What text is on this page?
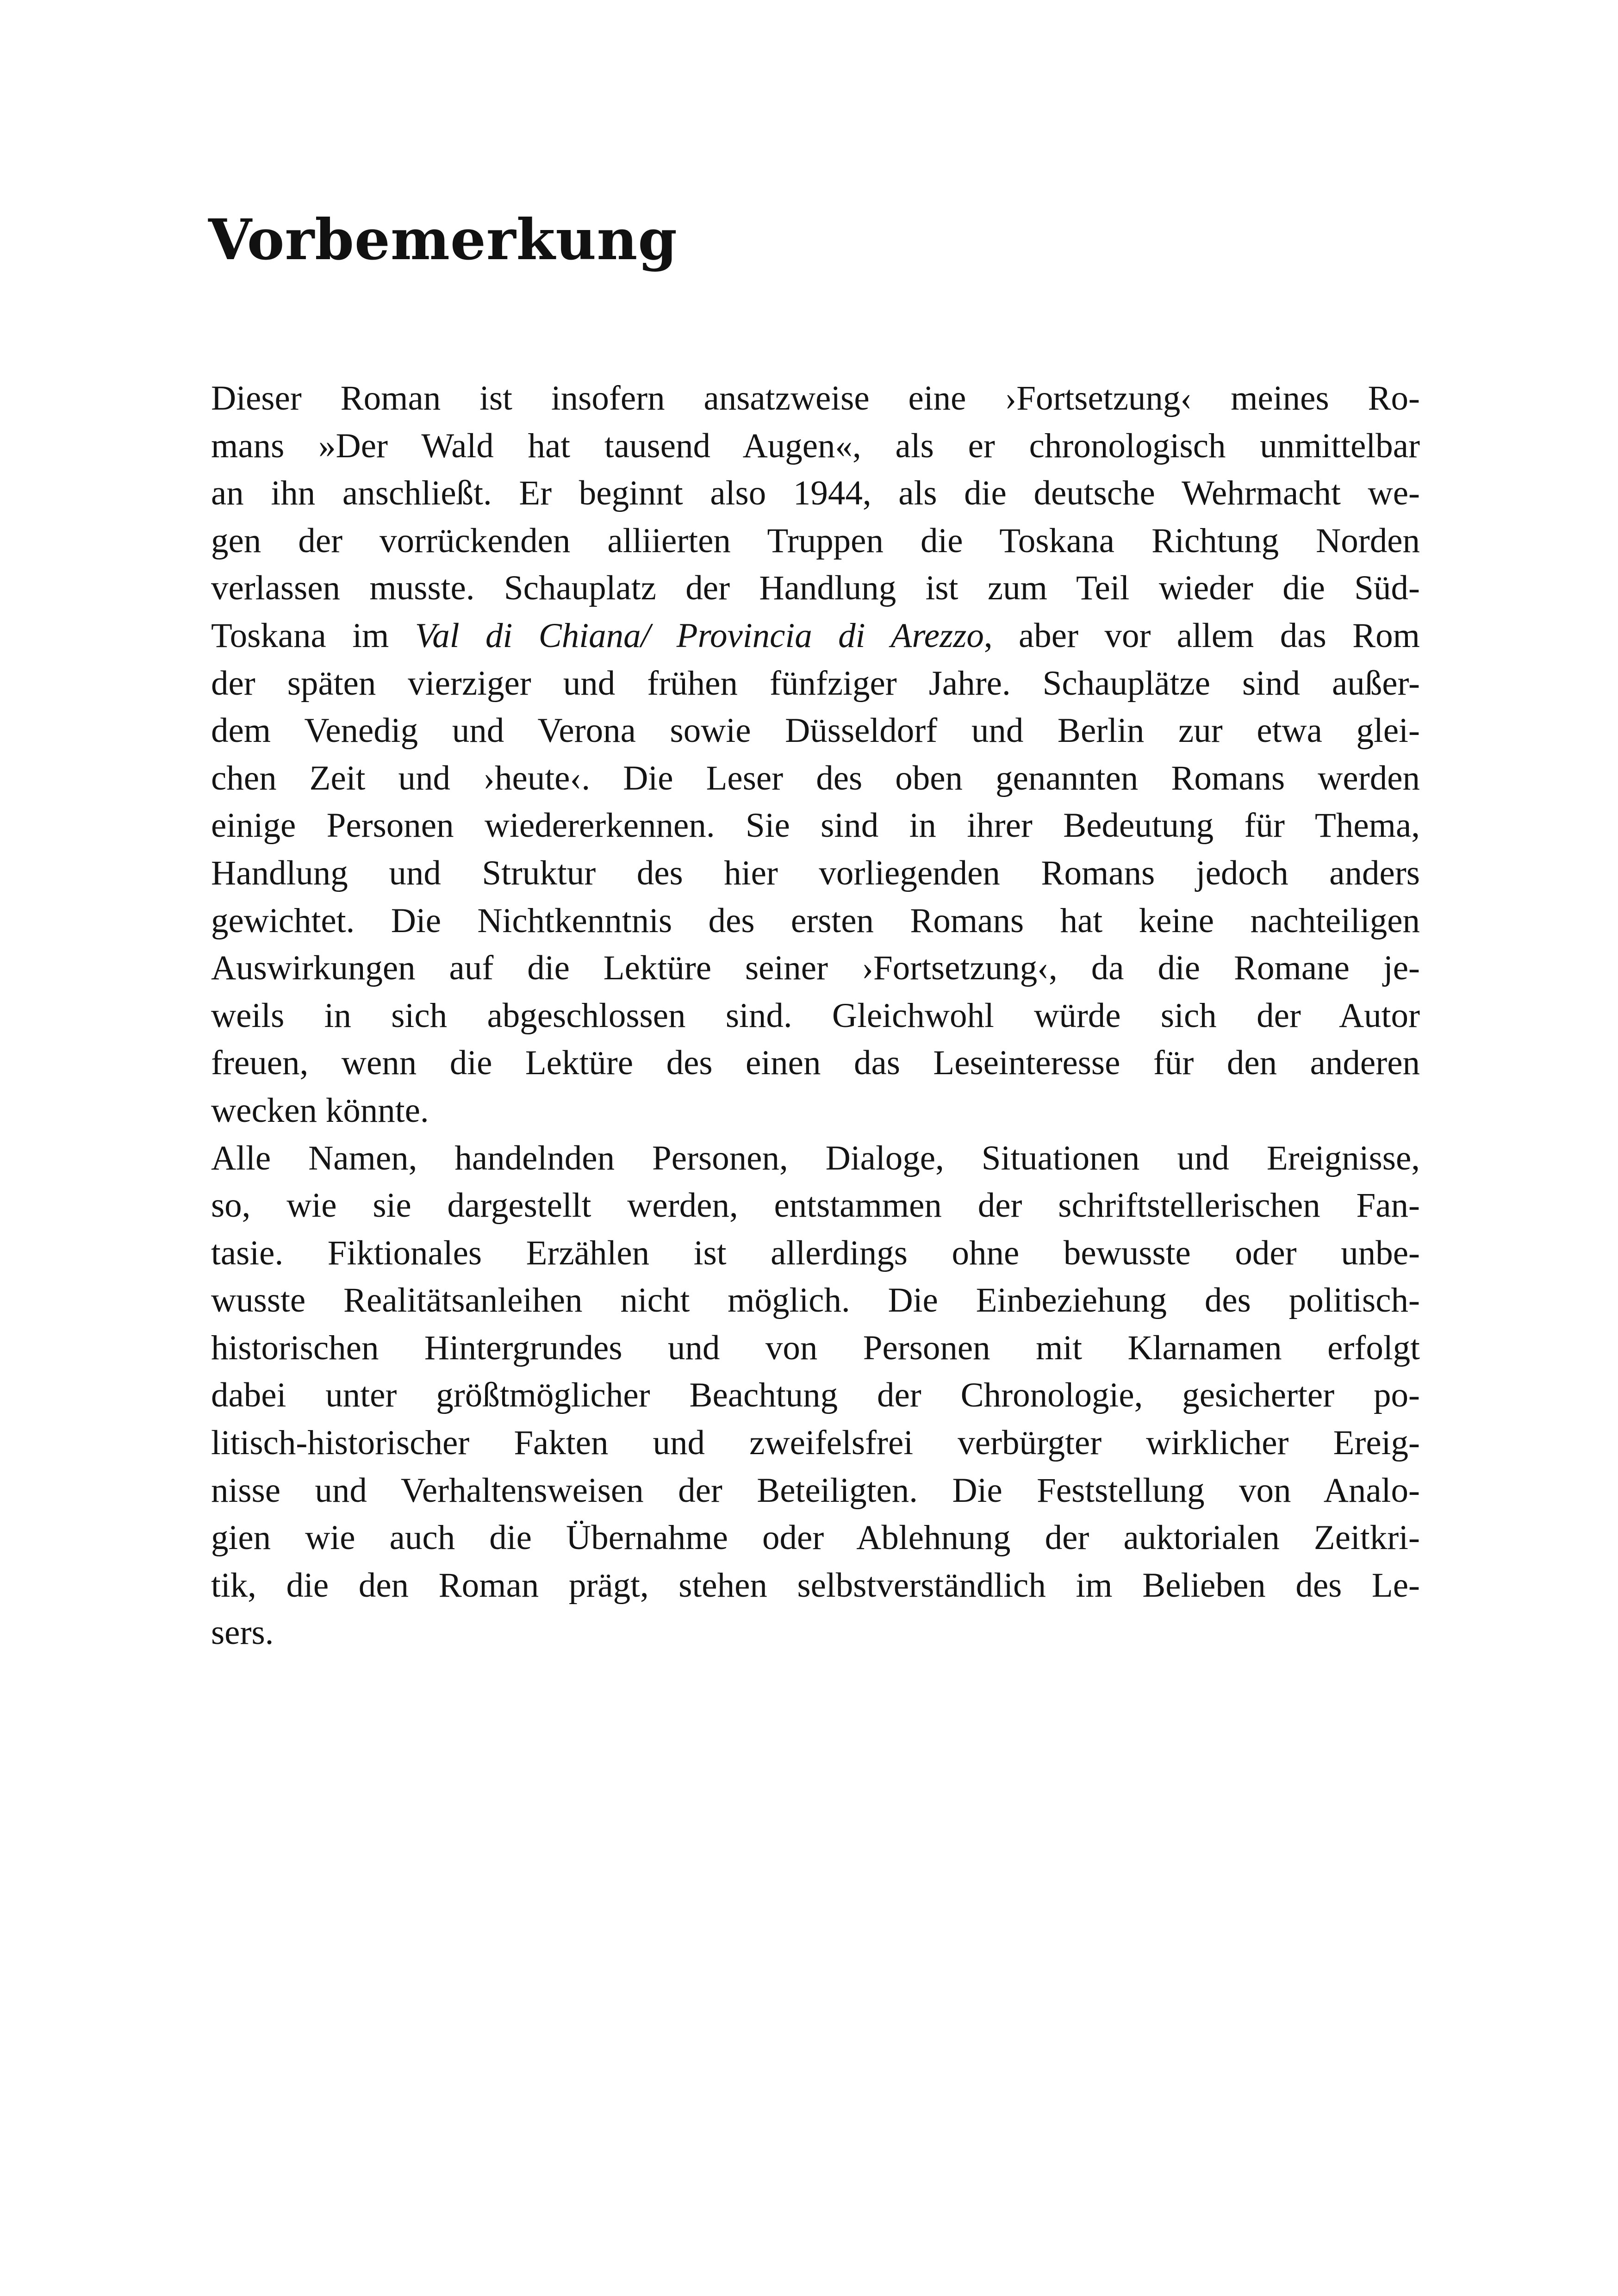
Vorbemerkung
Dieser Roman ist insofern ansatzweise eine ›Fortsetzung‹ meines Ro-
mans »Der Wald hat tausend Augen«, als er chronologisch unmittelbar
an ihn anschließt. Er beginnt also 1944, als die deutsche Wehrmacht we-
gen der vorrückenden alliierten Truppen die Toskana Richtung Norden
verlassen musste. Schauplatz der Handlung ist zum Teil wieder die Süd-
Toskana im Val di Chiana/ Provincia di Arezzo, aber vor allem das Rom
der späten vierziger und frühen fünfziger Jahre. Schauplätze sind außer-
dem Venedig und Verona sowie Düsseldorf und Berlin zur etwa glei-
chen Zeit und ›heute‹. Die Leser des oben genannten Romans werden
einige Personen wiedererkennen. Sie sind in ihrer Bedeutung für Thema,
Handlung und Struktur des hier vorliegenden Romans jedoch anders
gewichtet. Die Nichtkenntnis des ersten Romans hat keine nachteiligen
Auswirkungen auf die Lektüre seiner ›Fortsetzung‹, da die Romane je-
weils in sich abgeschlossen sind. Gleichwohl würde sich der Autor
freuen, wenn die Lektüre des einen das Leseinteresse für den anderen
wecken könnte.
Alle Namen, handelnden Personen, Dialoge, Situationen und Ereignisse,
so, wie sie dargestellt werden, entstammen der schriftstellerischen Fan-
tasie. Fiktionales Erzählen ist allerdings ohne bewusste oder unbe-
wusste Realitätsanleihen nicht möglich. Die Einbeziehung des politisch-
historischen Hintergrundes und von Personen mit Klarnamen erfolgt
dabei unter größtmöglicher Beachtung der Chronologie, gesicherter po-
litisch-historischer Fakten und zweifelsfrei verbürgter wirklicher Ereig-
nisse und Verhaltensweisen der Beteiligten. Die Feststellung von Analo-
gien wie auch die Übernahme oder Ablehnung der auktorialen Zeitkri-
tik, die den Roman prägt, stehen selbstverständlich im Belieben des Le-
sers.
